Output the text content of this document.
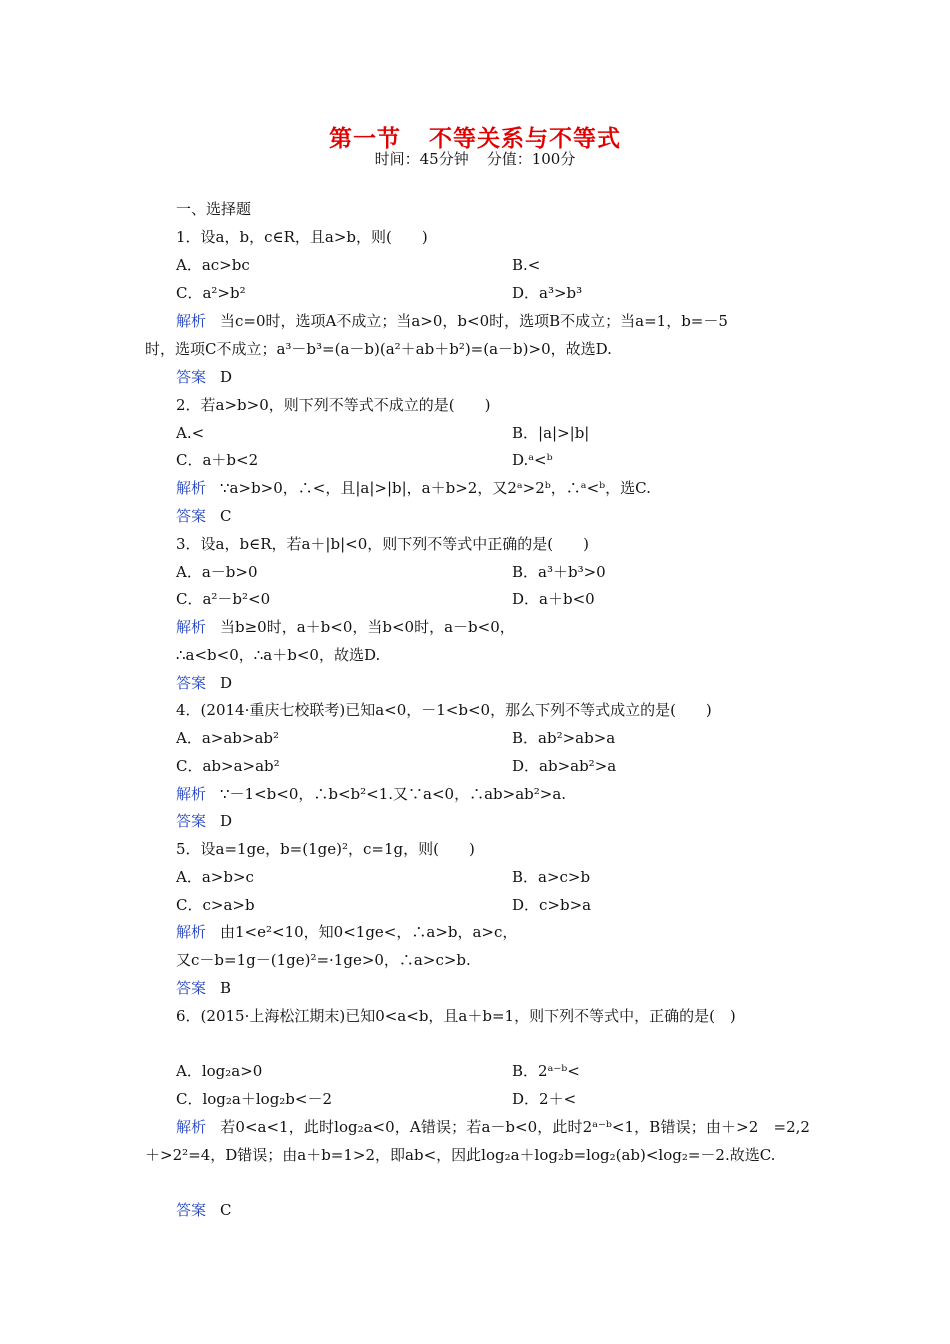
第一节 不等关系与不等式
时间：45分钟 分值：100分
一、选择题
1．设a，b，c∈R，且a>b，则(　　)
A．ac>bc	B.<
C．a²>b²	D．a³>b³
解析 当c=0时，选项A不成立；当a>0，b<0时，选项B不成立；当a=1，b=－5
时，选项C不成立；a³－b³=(a－b)(a²＋ab＋b²)=(a－b)>0，故选D.
答案 D
2．若a>b>0，则下列不等式不成立的是(　　)
A.<	B．|a|>|b|
C．a＋b<2	D.ᵃ<ᵇ
解析 ∵a>b>0，∴<，且|a|>|b|，a＋b>2，又2ᵃ>2ᵇ，∴ᵃ<ᵇ，选C.
答案 C
3．设a，b∈R，若a＋|b|<0，则下列不等式中正确的是(　　)
A．a－b>0	B．a³＋b³>0
C．a²－b²<0	D．a＋b<0
解析 当b≥0时，a＋b<0，当b<0时，a－b<0，
∴a<b<0，∴a＋b<0，故选D.
答案 D
4．(2014·重庆七校联考)已知a<0，－1<b<0，那么下列不等式成立的是(　　)
A．a>ab>ab²	B．ab²>ab>a
C．ab>a>ab²	D．ab>ab²>a
解析 ∵－1<b<0，∴b<b²<1.又∵a<0，∴ab>ab²>a.
答案 D
5．设a=1ge，b=(1ge)²，c=1g，则(　　)
A．a>b>c	B．a>c>b
C．c>a>b	D．c>b>a
解析 由1<e²<10，知0<1ge<，∴a>b，a>c，
又c－b=1g－(1ge)²=·1ge>0，∴a>c>b.
答案 B
6．(2015·上海松江期末)已知0<a<b，且a＋b=1，则下列不等式中，正确的是(　)
A．log₂a>0	B．2ᵃ⁻ᵇ<
C．log₂a＋log₂b<－2	D．2＋<
解析 若0<a<1，此时log₂a<0，A错误；若a－b<0，此时2ᵃ⁻ᵇ<1，B错误；由＋>2　=2,2＋>2²=4，D错误；由a＋b=1>2，即ab<，因此log₂a＋log₂b=log₂(ab)<log₂=－2.故选C.
答案 C
